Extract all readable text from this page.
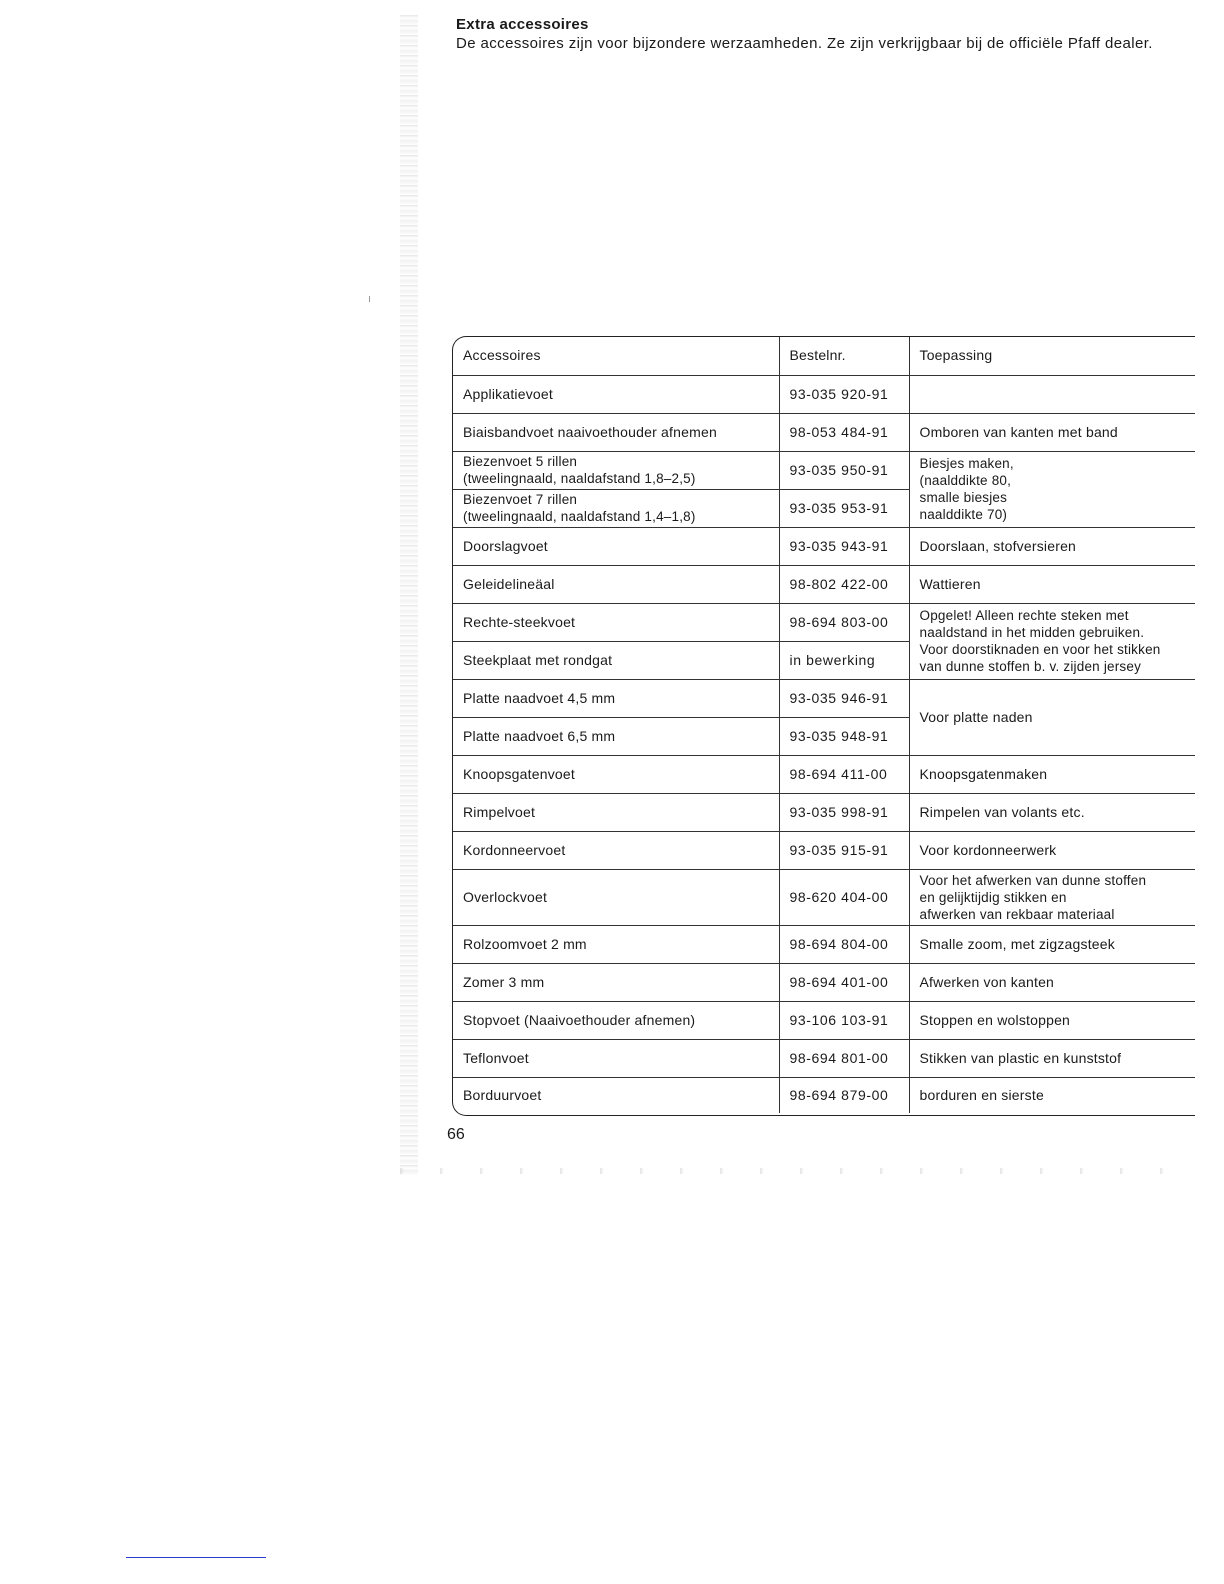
Extra accessoires

De accessoires zijn voor bijzondere werzaamheden. Ze zijn verkrijgbaar bij de officiële Pfaff dealer.

Accessoires	Bestelnr.	Toepassing
Applikatievoet	93-035 920-91	
Biaisbandvoet naaivoethouder afnemen	98-053 484-91	Omboren van kanten met band
Biezenvoet 5 rillen
(tweelingnaald, naaldafstand 1,8–2,5)	93-035 950-91	Biesjes maken,
(naalddikte 80,
smalle biesjes
naalddikte 70)
Biezenvoet 7 rillen
(tweelingnaald, naaldafstand 1,4–1,8)	93-035 953-91	
Doorslagvoet	93-035 943-91	Doorslaan, stofversieren
Geleidelineäal	98-802 422-00	Wattieren
Rechte-steekvoet	98-694 803-00	Opgelet! Alleen rechte steken met
naaldstand in het midden gebruiken.
Voor doorstiknaden en voor het stikken
van dunne stoffen b. v. zijden jersey
Steekplaat met rondgat	in bewerking	
Platte naadvoet 4,5 mm	93-035 946-91	Voor platte naden
Platte naadvoet 6,5 mm	93-035 948-91	
Knoopsgatenvoet	98-694 411-00	Knoopsgatenmaken
Rimpelvoet	93-035 998-91	Rimpelen van volants etc.
Kordonneervoet	93-035 915-91	Voor kordonneerwerk
Overlockvoet	98-620 404-00	Voor het afwerken van dunne stoffen
en gelijktijdig stikken en
afwerken van rekbaar materiaal
Rolzoomvoet 2 mm	98-694 804-00	Smalle zoom, met zigzagsteek
Zomer 3 mm	98-694 401-00	Afwerken von kanten
Stopvoet (Naaivoethouder afnemen)	93-106 103-91	Stoppen en wolstoppen
Teflonvoet	98-694 801-00	Stikken van plastic en kunststof
Borduurvoet	98-694 879-00	borduren en sierste
66
